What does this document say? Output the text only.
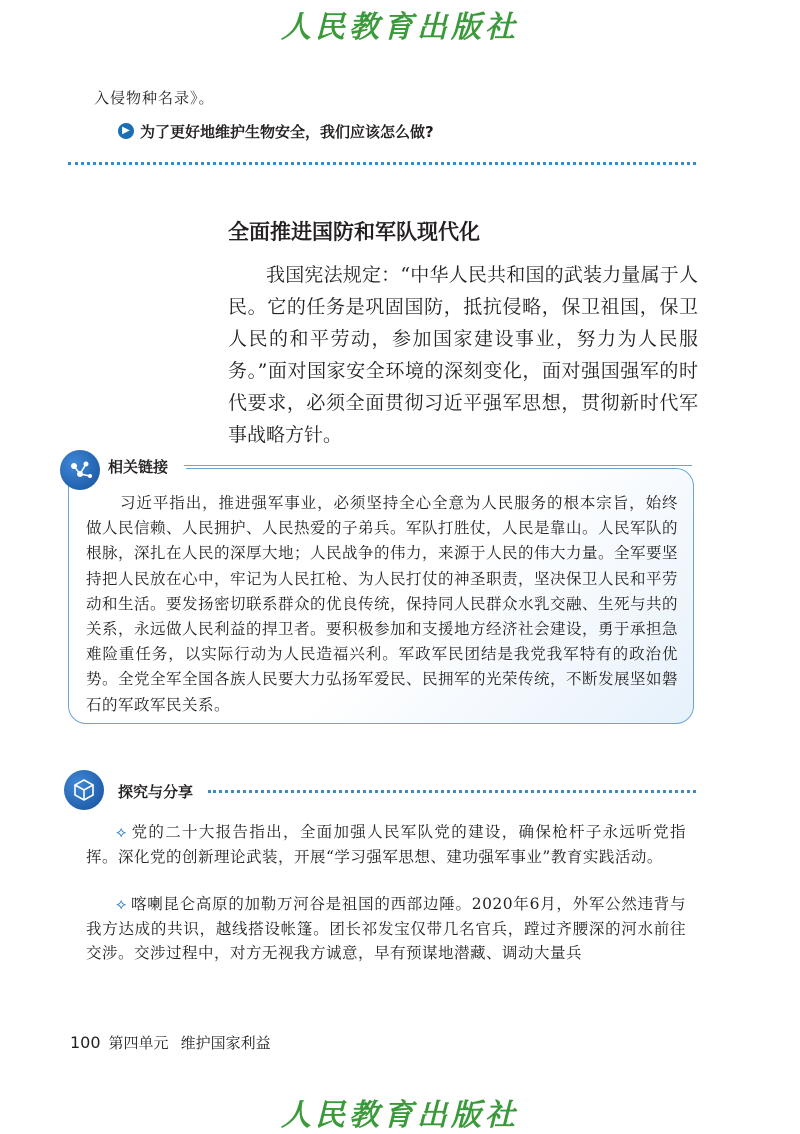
人民教育出版社
入侵物种名录》。
▶ 为了更好地维护生物安全，我们应该怎么做?
全面推进国防和军队现代化
我国宪法规定：“中华人民共和国的武装力量属于人民。它的任务是巩固国防，抵抗侵略，保卫祖国，保卫人民的和平劳动，参加国家建设事业，努力为人民服务。”面对国家安全环境的深刻变化，面对强国强军的时代要求，必须全面贯彻习近平强军思想，贯彻新时代军事战略方针。
相关链接
习近平指出，推进强军事业，必须坚持全心全意为人民服务的根本宗旨，始终做人民信赖、人民拥护、人民热爱的子弟兵。军队打胜仗，人民是靠山。人民军队的根脉，深扎在人民的深厚大地；人民战争的伟力，来源于人民的伟大力量。全军要坚持把人民放在心中，牢记为人民扛枪、为人民打仗的神圣职责，坚决保卫人民和平劳动和生活。要发扬密切联系群众的优良传统，保持同人民群众水乳交融、生死与共的关系，永远做人民利益的捍卫者。要积极参加和支援地方经济社会建设，勇于承担急难险重任务，以实际行动为人民造福兴利。军政军民团结是我党我军特有的政治优势。全党全军全国各族人民要大力弘扬军爱民、民拥军的光荣传统，不断发展坚如磐石的军政军民关系。
探究与分享
⟡ 党的二十大报告指出，全面加强人民军队党的建设，确保枪杆子永远听党指挥。深化党的创新理论武装，开展“学习强军思想、建功强军事业”教育实践活动。
⟡ 喀喇昆仑高原的加勒万河谷是祖国的西部边陲。2020年6月，外军公然违背与我方达成的共识，越线搭设帐篷。团长祁发宝仅带几名官兵，蹚过齐腰深的河水前往交涉。交涉过程中，对方无视我方诚意，早有预谋地潜藏、调动大量兵
100 第四单元 维护国家利益
人民教育出版社
